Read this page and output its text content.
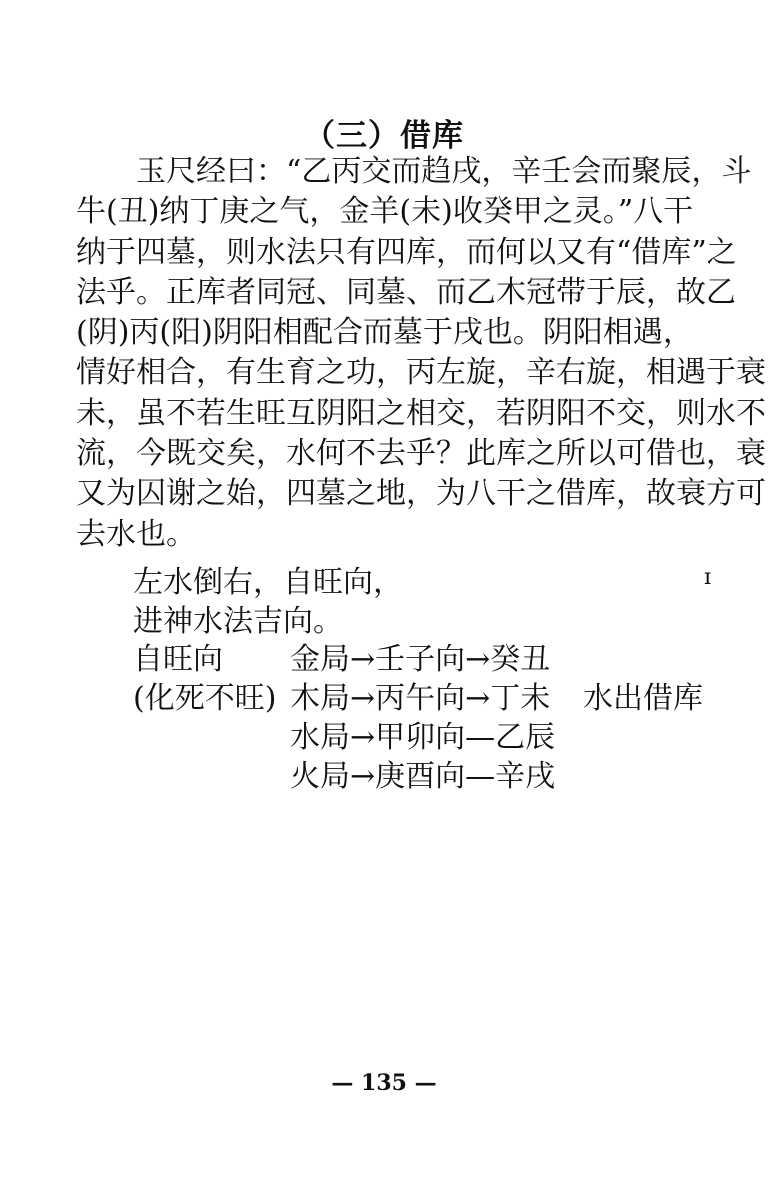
（三）借库
玉尺经曰：“乙丙交而趋戌，辛壬会而聚辰，斗
牛(丑)纳丁庚之气，金羊(未)收癸甲之灵。”八干
纳于四墓，则水法只有四库，而何以又有“借库”之
法乎。正库者同冠、同墓、而乙木冠带于辰，故乙
(阴)丙(阳)阴阳相配合而墓于戌也。阴阳相遇，
情好相合，有生育之功，丙左旋，辛右旋，相遇于衰
未，虽不若生旺互阴阳之相交，若阴阳不交，则水不
流，今既交矣，水何不去乎？此库之所以可借也，衰
又为囚谢之始，四墓之地，为八干之借库，故衰方可
去水也。
左水倒右，自旺向，	ɪ
进神水法吉向。
自旺向 金局→壬子向→癸丑
(化死不旺) 木局→丙午向→丁未 水出借库
水局→甲卯向—乙辰
火局→庚酉向—辛戌
— 135 —
